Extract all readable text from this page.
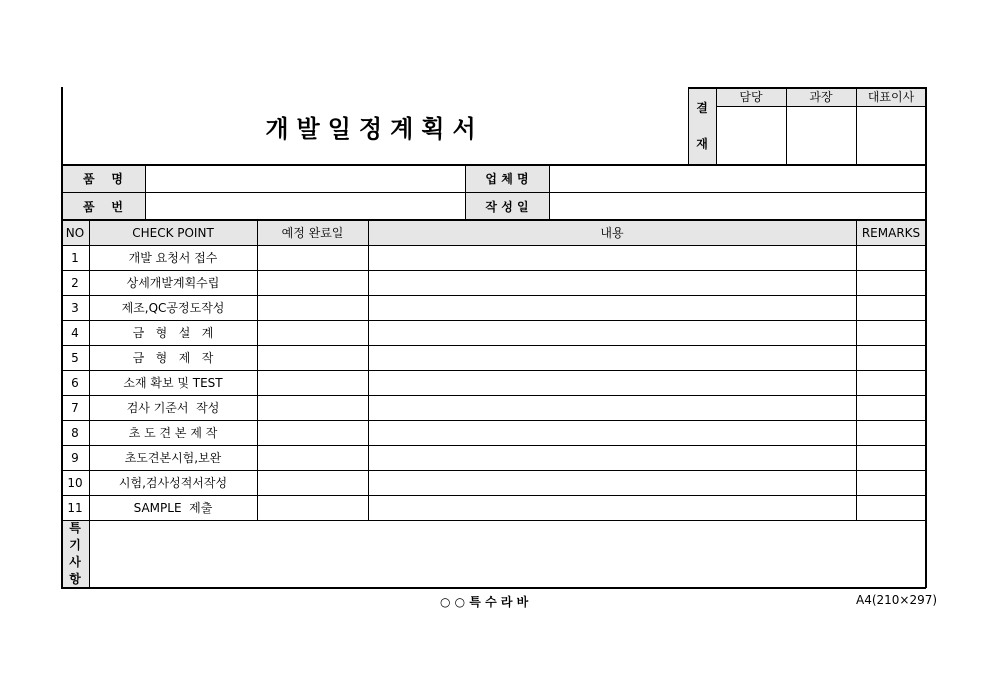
개발일정계획서
결
재
담당	과장	대표이사
품    명	업 체 명
품    번	작 성 일
NO	CHECK POINT	예정 완료일	내용	REMARKS
1	개발 요청서 접수
2	상세개발계획수립
3	제조,QC공정도작성
4	금   형   설   계
5	금   형   제   작
6	소재 확보 및 TEST
7	검사 기준서  작성
8	초 도 견 본 제 작
9	초도견본시험,보완
10	시험,검사성적서작성
11	SAMPLE  제출
특
기
사
항
○ ○ 특 수 라 바	A4(210×297)
